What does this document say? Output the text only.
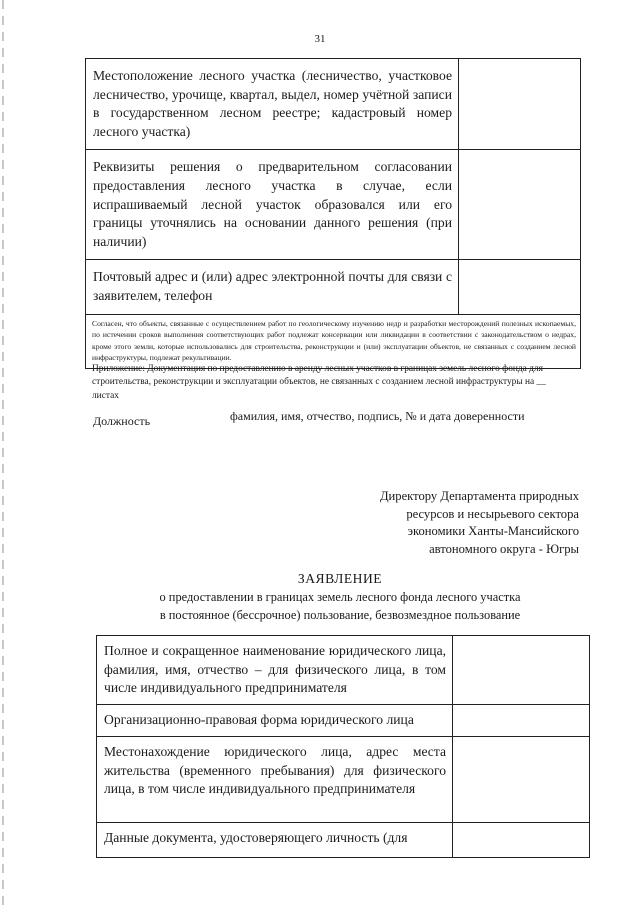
31
Местоположение лесного участка (лесничество, участковое лесничество, урочище, квартал, выдел, номер учётной записи в государственном лесном реестре; кадастровый номер лесного участка)	
Реквизиты решения о предварительном согласовании предоставления лесного участка в случае, если испрашиваемый лесной участок образовался или его границы уточнялись на основании данного решения (при наличии)	
Почтовый адрес и (или) адрес электронной почты для связи с заявителем, телефон	
Согласен, что объекты, связанные с осуществлением работ по геологическому изучению недр и разработки месторождений полезных ископаемых, по истечении сроков выполнения соответствующих работ подлежат консервации или ликвидации в соответствии с законодательством о недрах, кроме этого земли, которые использовались для строительства, реконструкции и (или) эксплуатации объектов, не связанных с созданием лесной инфраструктуры, подлежат рекультивации.	
Приложение: Документация по предоставлению в аренду лесных участков в границах земель лесного фонда для строительства, реконструкции и эксплуатации объектов, не связанных с созданием лесной инфраструктуры на __ листах
Должность	фамилия, имя, отчество, подпись, № и дата доверенности
Директору Департамента природных
ресурсов и несырьевого сектора
экономики Ханты-Мансийского
автономного округа - Югры
ЗАЯВЛЕНИЕ
о предоставлении в границах земель лесного фонда лесного участка
в постоянное (бессрочное) пользование, безвозмездное пользование
Полное и сокращенное наименование юридического лица, фамилия, имя, отчество – для физического лица, в том числе индивидуального предпринимателя	
Организационно-правовая форма юридического лица	
Местонахождение юридического лица, адрес места жительства (временного пребывания) для физического лица, в том числе индивидуального предпринимателя	
Данные документа, удостоверяющего личность (для	
